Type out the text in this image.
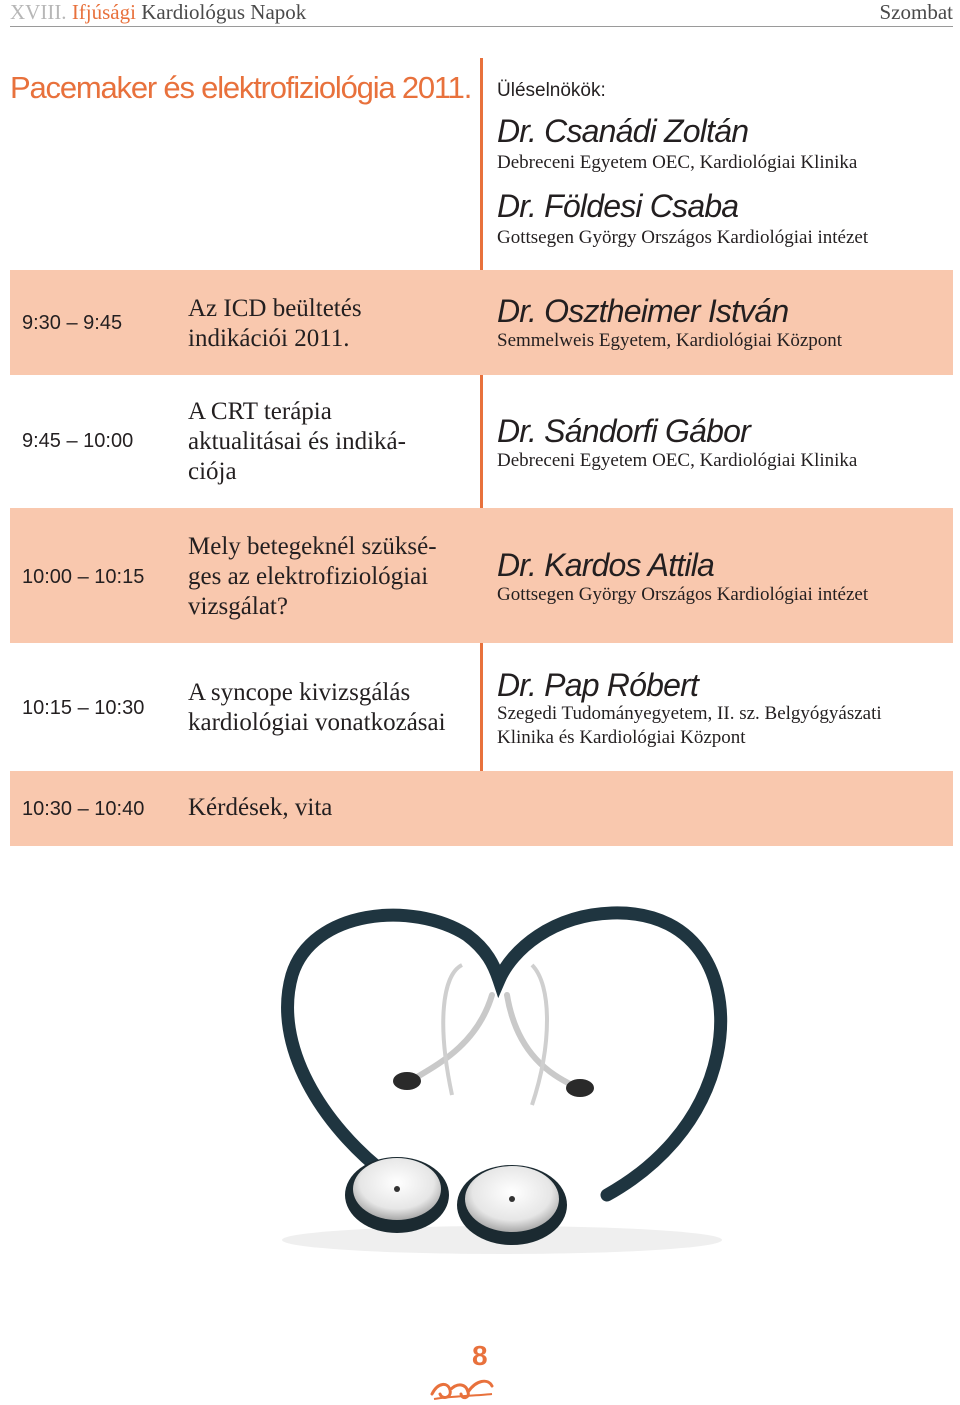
XVIII. Ifjúsági Kardiológus Napok	Szombat
Pacemaker és elektrofiziológia 2011. Üléselnökök:
Dr. Csanádi Zoltán
Debreceni Egyetem OEC, Kardiológiai Klinika
Dr. Földesi Csaba
Gottsegen György Országos Kardiológiai intézet
9:30 – 9:45
Az ICD beültetés
indikációi 2011.
Dr. Osztheimer István
Semmelweis Egyetem, Kardiológiai Központ
9:45 – 10:00
A CRT terápia
aktualitásai és indiká-
ciója
Dr. Sándorfi Gábor
Debreceni Egyetem OEC, Kardiológiai Klinika
10:00 – 10:15
Mely betegeknél szüksé-
ges az elektrofiziológiai
vizsgálat?
Dr. Kardos Attila
Gottsegen György Országos Kardiológiai intézet
10:15 – 10:30
A syncope kivizsgálás
kardiológiai vonatkozásai
Dr. Pap Róbert
Szegedi Tudományegyetem, II. sz. Belgyógyászati
Klinika és Kardiológiai Központ
10:30 – 10:40 Kérdések, vita
8
